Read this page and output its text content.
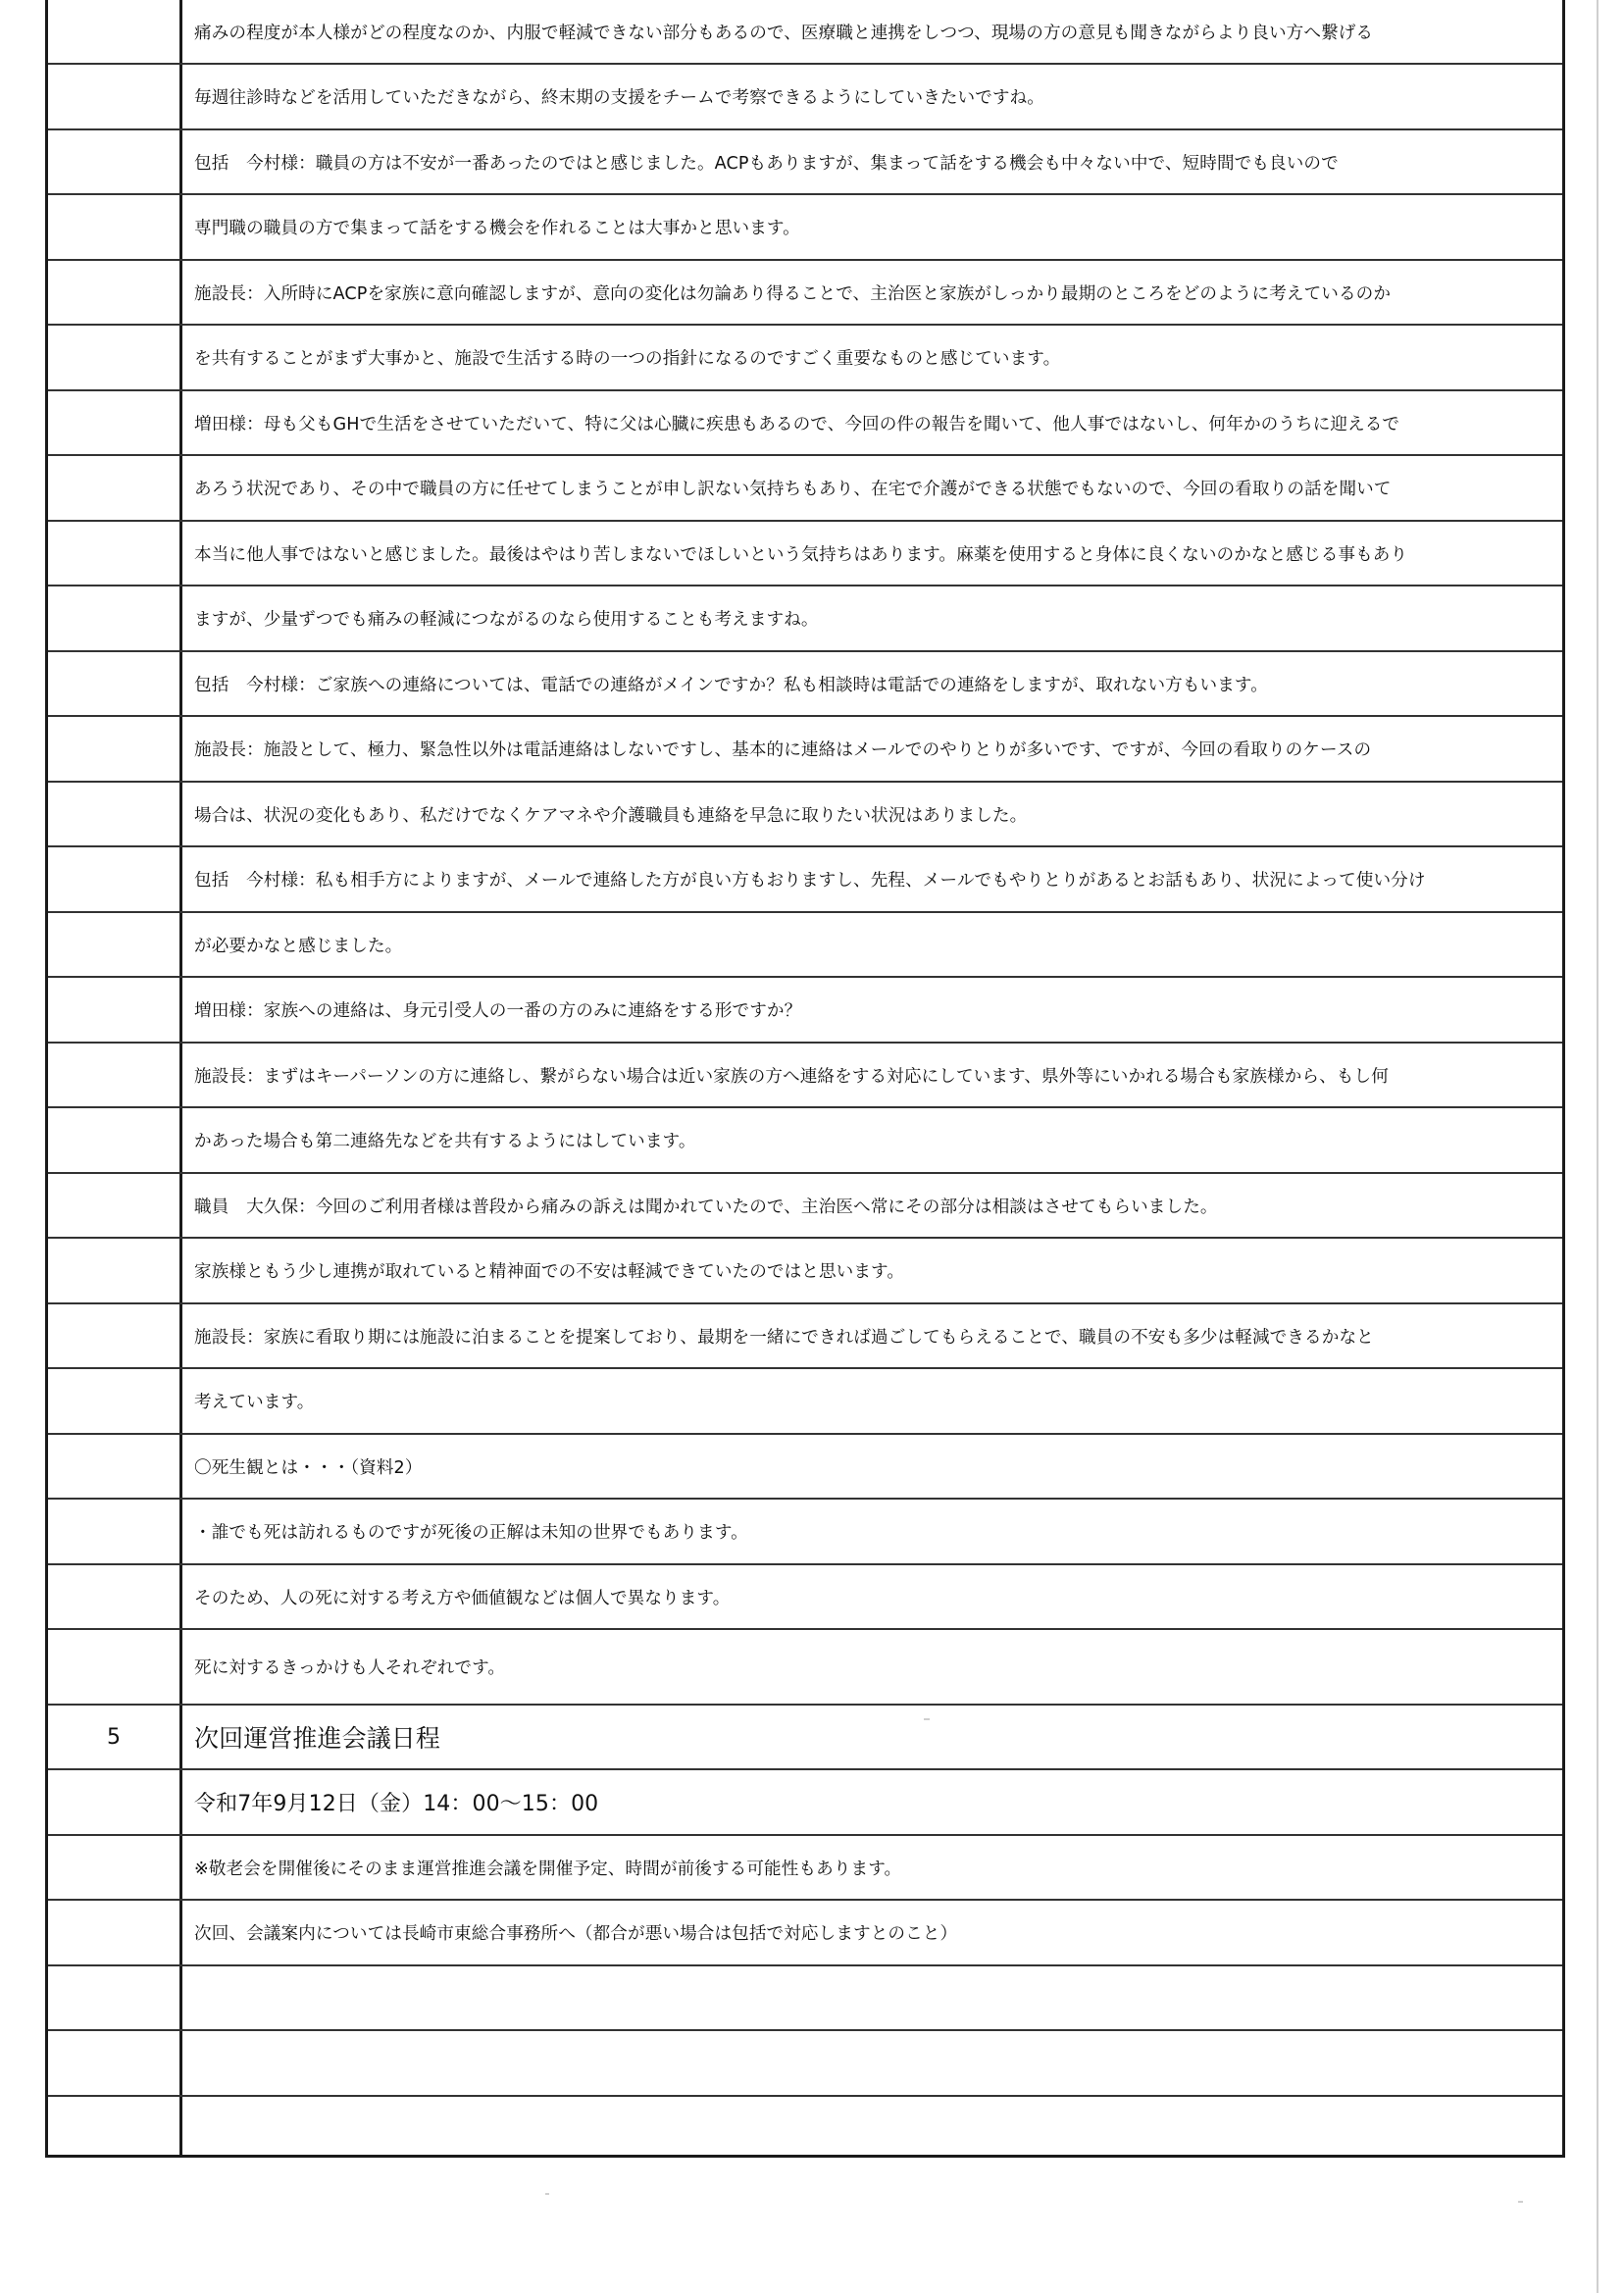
痛みの程度が本人様がどの程度なのか、内服で軽減できない部分もあるので、医療職と連携をしつつ、現場の方の意見も聞きながらより良い方へ繋げる
毎週往診時などを活用していただきながら、終末期の支援をチームで考察できるようにしていきたいですね。
包括　今村様：職員の方は不安が一番あったのではと感じました。ACPもありますが、集まって話をする機会も中々ない中で、短時間でも良いので
専門職の職員の方で集まって話をする機会を作れることは大事かと思います。
施設長：入所時にACPを家族に意向確認しますが、意向の変化は勿論あり得ることで、主治医と家族がしっかり最期のところをどのように考えているのか
を共有することがまず大事かと、施設で生活する時の一つの指針になるのですごく重要なものと感じています。
増田様：母も父もGHで生活をさせていただいて、特に父は心臓に疾患もあるので、今回の件の報告を聞いて、他人事ではないし、何年かのうちに迎えるで
あろう状況であり、その中で職員の方に任せてしまうことが申し訳ない気持ちもあり、在宅で介護ができる状態でもないので、今回の看取りの話を聞いて
本当に他人事ではないと感じました。最後はやはり苦しまないでほしいという気持ちはあります。麻薬を使用すると身体に良くないのかなと感じる事もあり
ますが、少量ずつでも痛みの軽減につながるのなら使用することも考えますね。
包括　今村様：ご家族への連絡については、電話での連絡がメインですか？私も相談時は電話での連絡をしますが、取れない方もいます。
施設長：施設として、極力、緊急性以外は電話連絡はしないですし、基本的に連絡はメールでのやりとりが多いです、ですが、今回の看取りのケースの
場合は、状況の変化もあり、私だけでなくケアマネや介護職員も連絡を早急に取りたい状況はありました。
包括　今村様：私も相手方によりますが、メールで連絡した方が良い方もおりますし、先程、メールでもやりとりがあるとお話もあり、状況によって使い分け
が必要かなと感じました。
増田様：家族への連絡は、身元引受人の一番の方のみに連絡をする形ですか？
施設長：まずはキーパーソンの方に連絡し、繋がらない場合は近い家族の方へ連絡をする対応にしています、県外等にいかれる場合も家族様から、もし何
かあった場合も第二連絡先などを共有するようにはしています。
職員　大久保：今回のご利用者様は普段から痛みの訴えは聞かれていたので、主治医へ常にその部分は相談はさせてもらいました。
家族様ともう少し連携が取れていると精神面での不安は軽減できていたのではと思います。
施設長：家族に看取り期には施設に泊まることを提案しており、最期を一緒にできれば過ごしてもらえることで、職員の不安も多少は軽減できるかなと
考えています。
〇死生観とは・・・（資料2）
・誰でも死は訪れるものですが死後の正解は未知の世界でもあります。
そのため、人の死に対する考え方や価値観などは個人で異なります。
死に対するきっかけも人それぞれです。
5	次回運営推進会議日程
令和7年9月12日（金）14：00～15：00
※敬老会を開催後にそのまま運営推進会議を開催予定、時間が前後する可能性もあります。
次回、会議案内については長崎市東総合事務所へ（都合が悪い場合は包括で対応しますとのこと）
